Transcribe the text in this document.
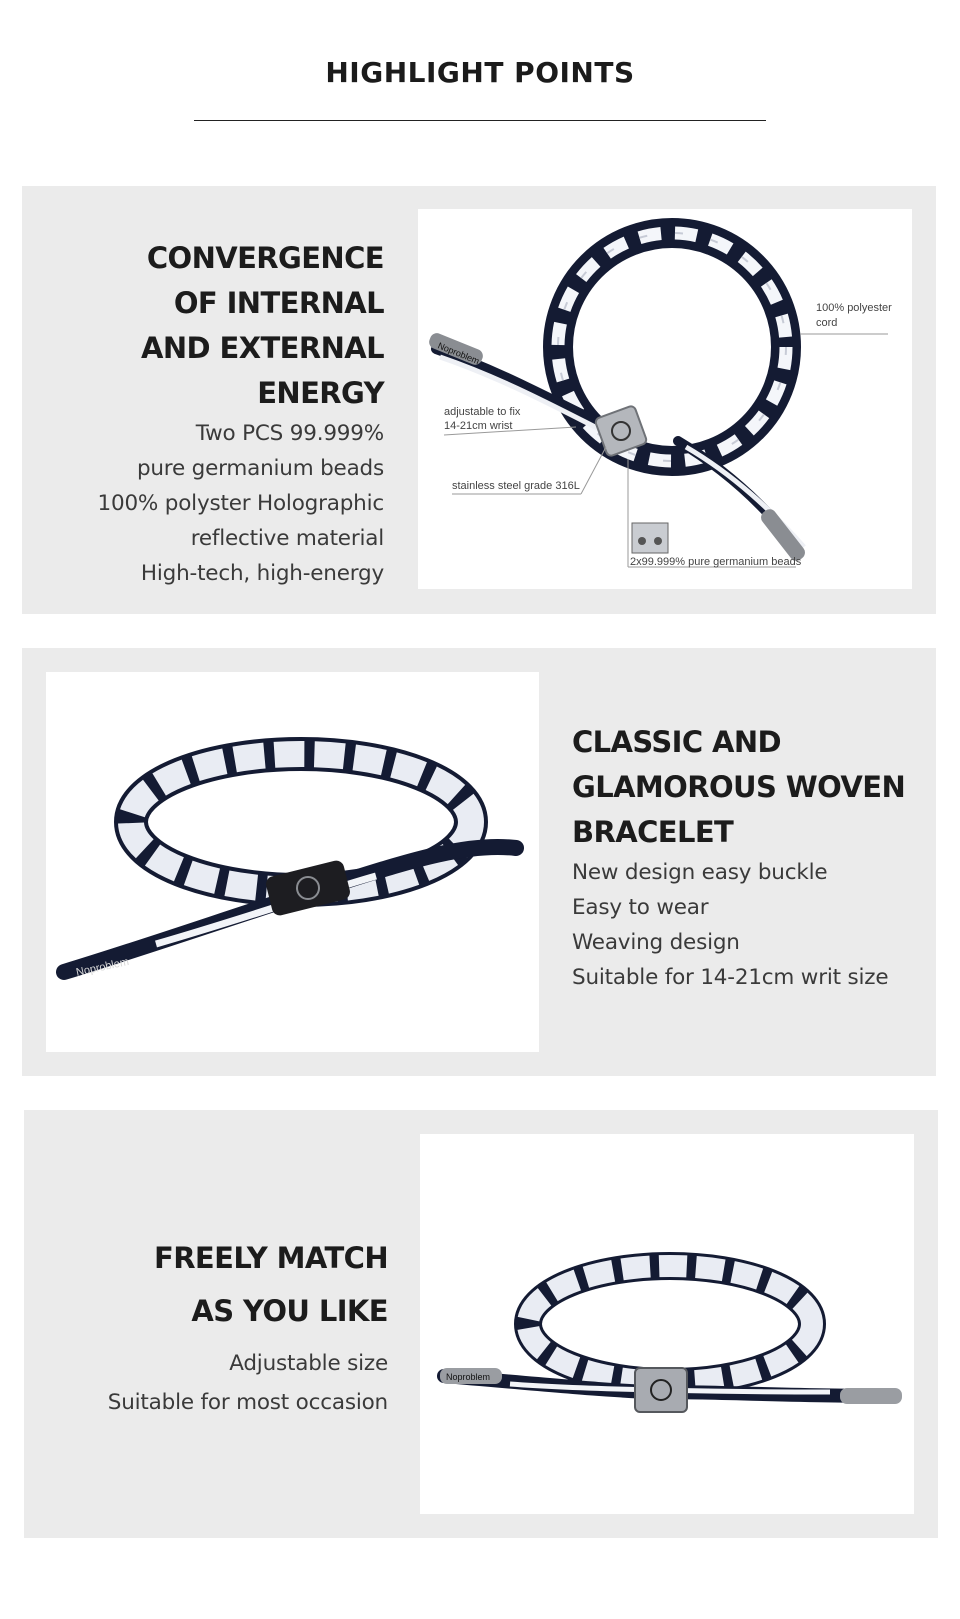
HIGHLIGHT POINTS
CONVERGENCE
OF INTERNAL
AND EXTERNAL ENERGY
Two PCS 99.999%
pure germanium beads
100% polyster Holographic
reflective material
High-tech, high-energy
Noproblem
100% polyester
cord
adjustable to fix
14-21cm wrist
stainless steel grade 316L
2x99.999% pure germanium beads
Noproblem
CLASSIC AND
GLAMOROUS WOVEN
BRACELET
New design easy buckle
Easy to wear
Weaving design
Suitable for 14-21cm writ size
FREELY MATCH
AS YOU LIKE
Adjustable size
Suitable for most occasion
Noproblem
